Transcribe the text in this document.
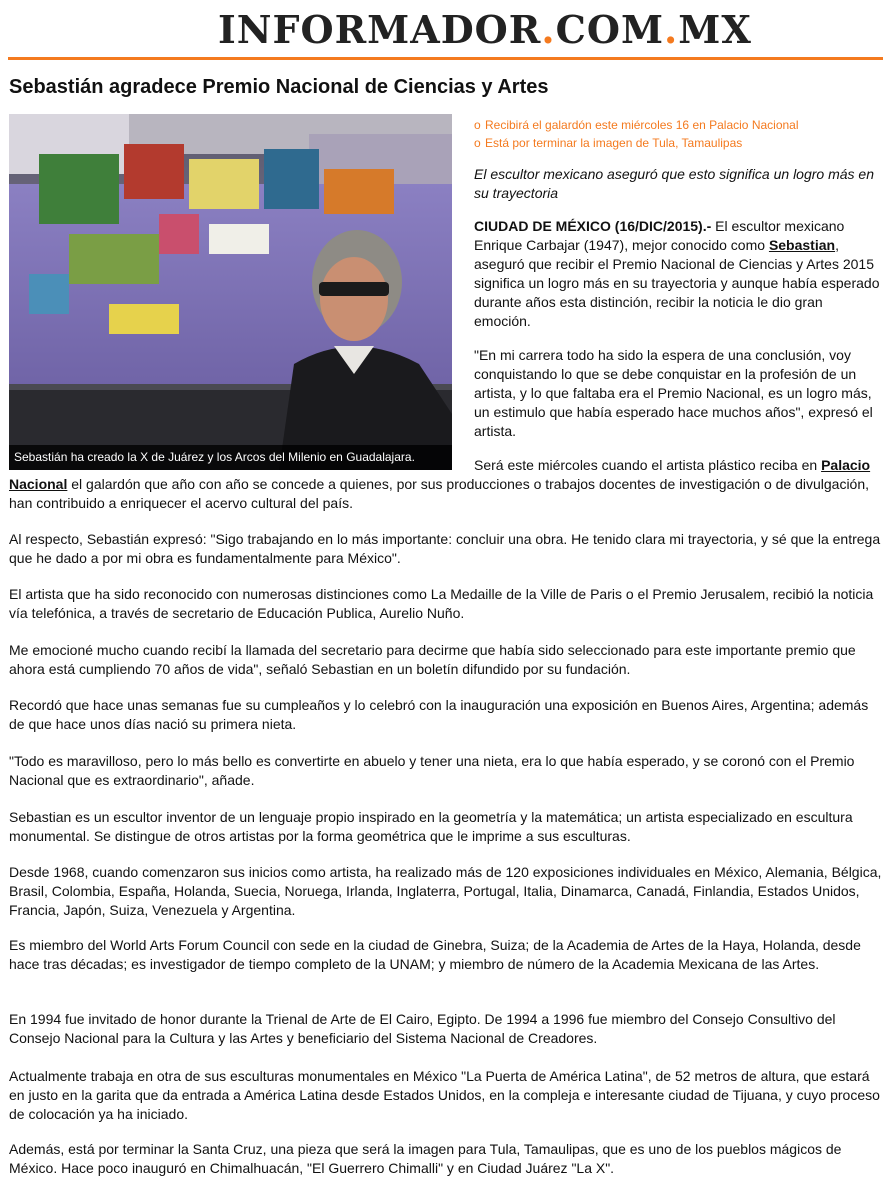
INFORMADOR.COM.MX
Sebastián agradece Premio Nacional de Ciencias y Artes
Sebastián ha creado la X de Juárez y los Arcos del Milenio en Guadalajara.
o Recibirá el galardón este miércoles 16 en Palacio Nacional
o Está por terminar la imagen de Tula, Tamaulipas

El escultor mexicano aseguró que esto significa un logro más en su trayectoria

CIUDAD DE MÉXICO (16/DIC/2015).- El escultor mexicano Enrique Carbajar (1947), mejor conocido como Sebastian, aseguró que recibir el Premio Nacional de Ciencias y Artes 2015 significa un logro más en su trayectoria y aunque había esperado durante años esta distinción, recibir la noticia le dio gran emoción.

"En mi carrera todo ha sido la espera de una conclusión, voy conquistando lo que se debe conquistar en la profesión de un artista, y lo que faltaba era el Premio Nacional, es un logro más, un estimulo que había esperado hace muchos años", expresó el artista.

Será este miércoles cuando el artista plástico reciba en Palacio Nacional el galardón que año con año se concede a quienes, por sus producciones o trabajos docentes de investigación o de divulgación, han contribuido a enriquecer el acervo cultural del país.

Al respecto, Sebastián expresó: "Sigo trabajando en lo más importante: concluir una obra. He tenido clara mi trayectoria, y sé que la entrega que he dado a por mi obra es fundamentalmente para México".

El artista que ha sido reconocido con numerosas distinciones como La Medaille de la Ville de Paris o el Premio Jerusalem, recibió la noticia vía telefónica, a través de secretario de Educación Publica, Aurelio Nuño.

Me emocioné mucho cuando recibí la llamada del secretario para decirme que había sido seleccionado para este importante premio que ahora está cumpliendo 70 años de vida", señaló Sebastian en un boletín difundido por su fundación.

Recordó que hace unas semanas fue su cumpleaños y lo celebró con la inauguración una exposición en Buenos Aires, Argentina; además de que hace unos días nació su primera nieta.

"Todo es maravilloso, pero lo más bello es convertirte en abuelo y tener una nieta, era lo que había esperado, y se coronó con el Premio Nacional que es extraordinario", añade.

Sebastian es un escultor inventor de un lenguaje propio inspirado en la geometría y la matemática; un artista especializado en escultura monumental. Se distingue de otros artistas por la forma geométrica que le imprime a sus esculturas.

Desde 1968, cuando comenzaron sus inicios como artista, ha realizado más de 120 exposiciones individuales en México, Alemania, Bélgica, Brasil, Colombia, España, Holanda, Suecia, Noruega, Irlanda, Inglaterra, Portugal, Italia, Dinamarca, Canadá, Finlandia, Estados Unidos, Francia, Japón, Suiza, Venezuela y Argentina.

Es miembro del World Arts Forum Council con sede en la ciudad de Ginebra, Suiza; de la Academia de Artes de la Haya, Holanda, desde hace tras décadas; es investigador de tiempo completo de la UNAM; y miembro de número de la Academia Mexicana de las Artes.

En 1994 fue invitado de honor durante la Trienal de Arte de El Cairo, Egipto. De 1994 a 1996 fue miembro del Consejo Consultivo del Consejo Nacional para la Cultura y las Artes y beneficiario del Sistema Nacional de Creadores.

Actualmente trabaja en otra de sus esculturas monumentales en México "La Puerta de América Latina", de 52 metros de altura, que estará en justo en la garita que da entrada a América Latina desde Estados Unidos, en la compleja e interesante ciudad de Tijuana, y cuyo proceso de colocación ya ha iniciado.

Además, está por terminar la Santa Cruz, una pieza que será la imagen para Tula, Tamaulipas, que es uno de los pueblos mágicos de México. Hace poco inauguró en Chimalhuacán, "El Guerrero Chimalli" y en Ciudad Juárez "La X".
